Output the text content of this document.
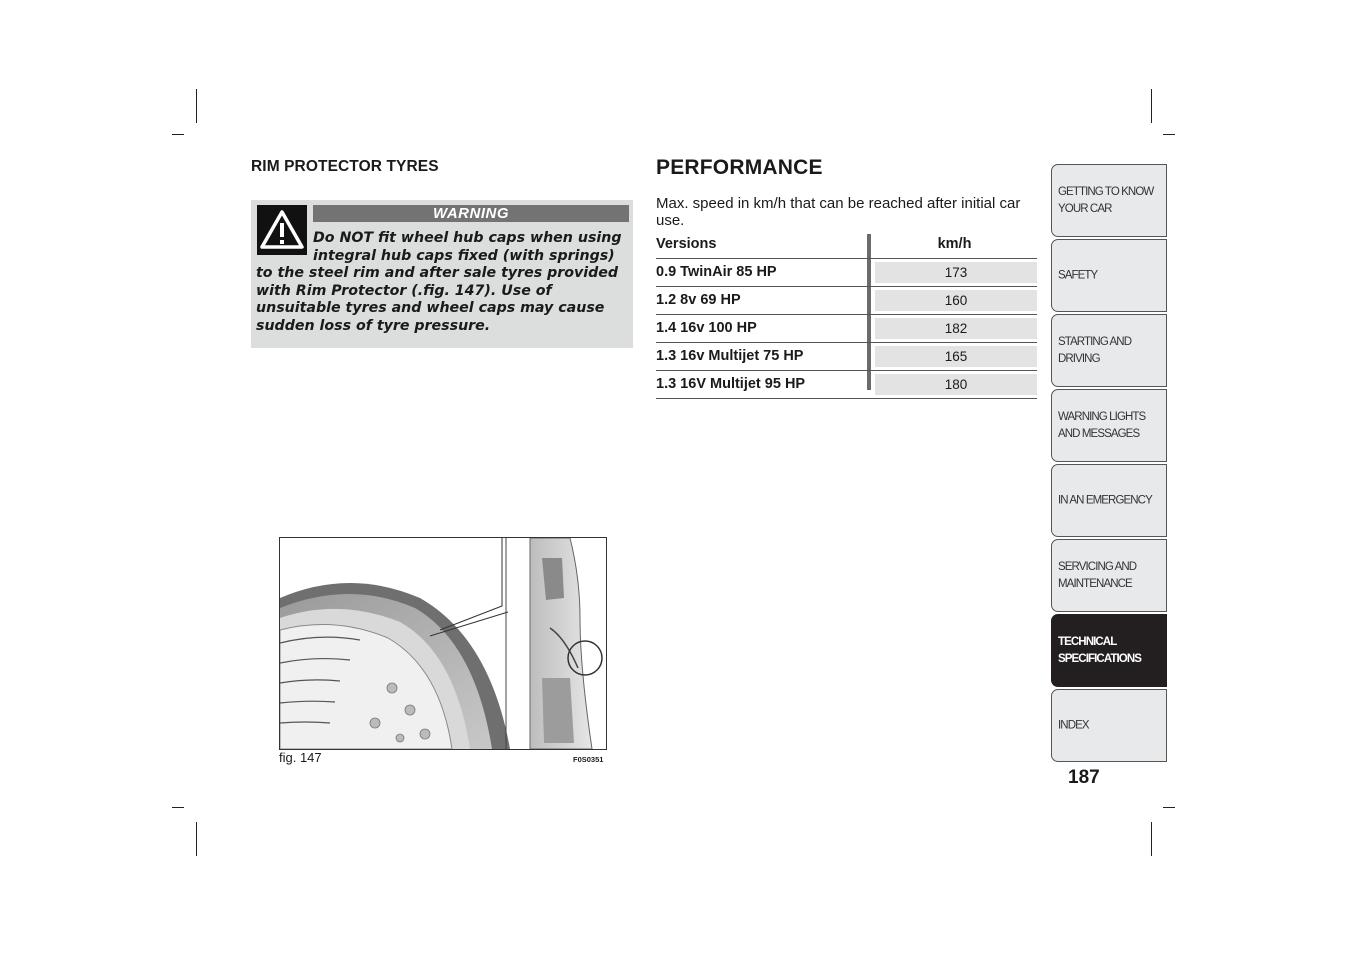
RIM PROTECTOR TYRES
WARNING
Do NOT fit wheel hub caps when using integral hub caps fixed (with springs)
to the steel rim and after sale tyres provided with Rim Protector (.fig. 147). Use of unsuitable tyres and wheel caps may cause sudden loss of tyre pressure.
fig. 147	F0S0351
PERFORMANCE
Max. speed in km/h that can be reached after initial car use.
Versions	km/h
0.9 TwinAir 85 HP	173
1.2 8v 69 HP	160
1.4 16v 100 HP	182
1.3 16v Multijet 75 HP	165
1.3 16V Multijet 95 HP	180
GETTING TO KNOW
YOUR CAR
SAFETY
STARTING AND
DRIVING
WARNING LIGHTS
AND MESSAGES
IN AN EMERGENCY
SERVICING AND
MAINTENANCE
TECHNICAL
SPECIFICATIONS
INDEX
187
